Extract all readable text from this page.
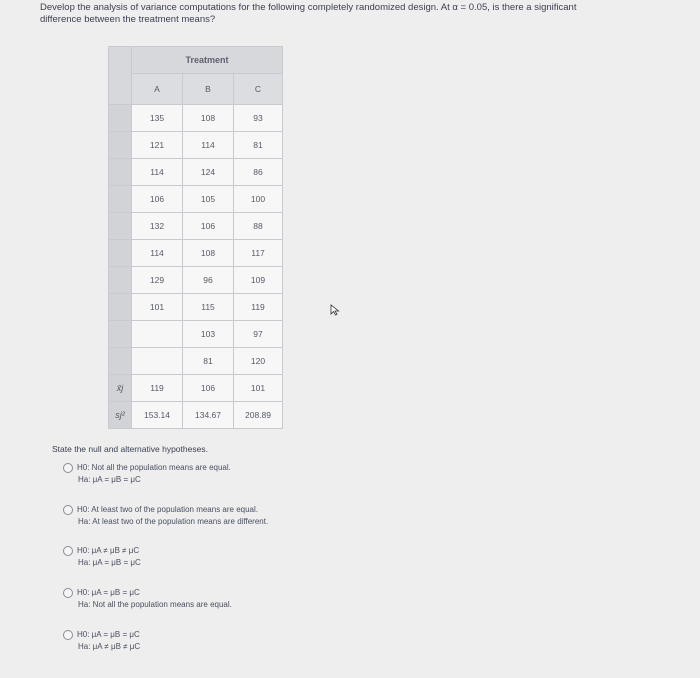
Develop the analysis of variance computations for the following completely randomized design. At α = 0.05, is there a significant

difference between the treatment means?

	Treatment		
	A	B	C
	135	108	93
	121	114	81
	114	124	86
	106	105	100
	132	106	88
	114	108	117
	129	96	109
	101	115	119
		103	97
		81	120
x̄j	119	106	101
sj²	153.14	134.67	208.89
State the null and alternative hypotheses.
H0: Not all the population means are equal.
Ha: μA = μB = μC
H0: At least two of the population means are equal.
Ha: At least two of the population means are different.
H0: μA ≠ μB ≠ μC
Ha: μA = μB = μC
H0: μA = μB = μC
Ha: Not all the population means are equal.
H0: μA = μB = μC
Ha: μA ≠ μB ≠ μC
